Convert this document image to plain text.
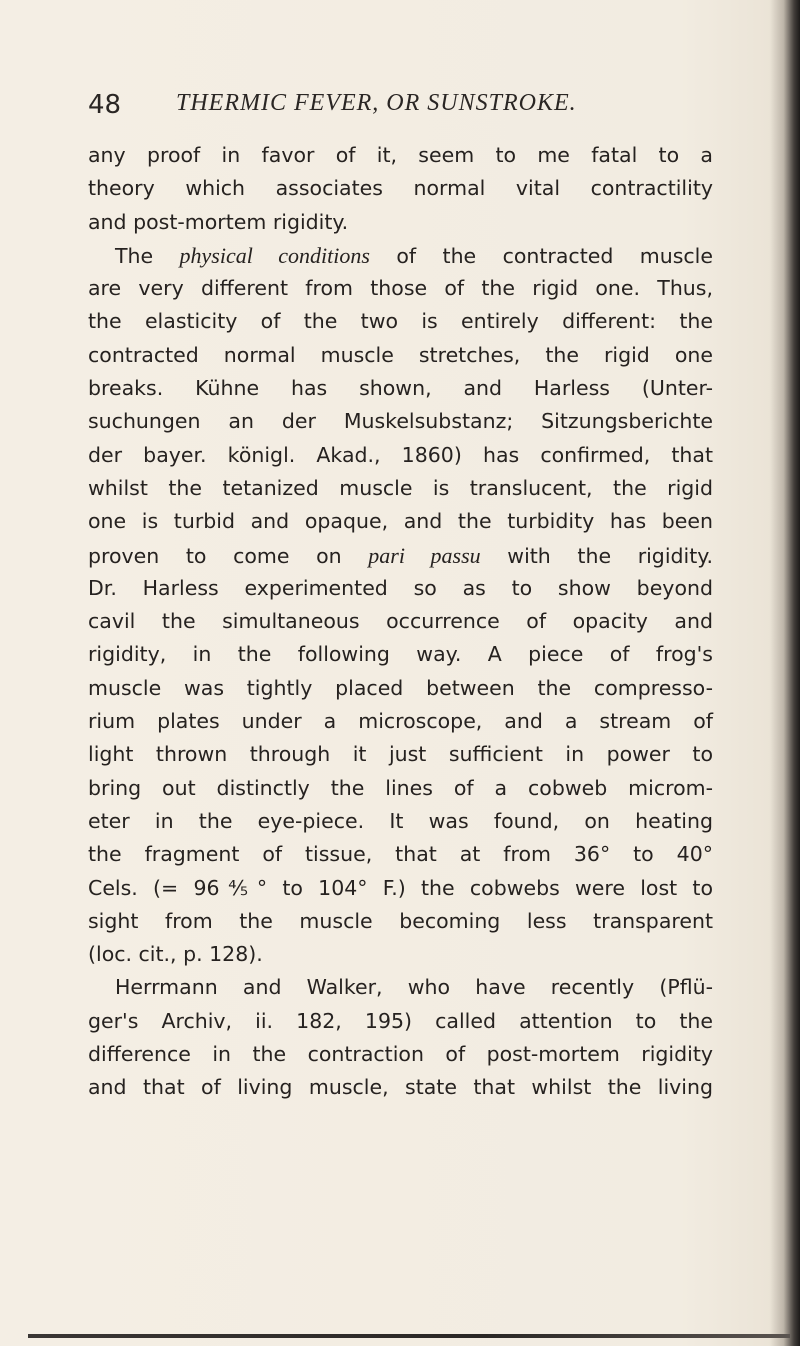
48 THERMIC FEVER, OR SUNSTROKE.
any proof in favor of it, seem to me fatal to a
theory which associates normal vital contractility
and post-mortem rigidity.
The physical conditions of the contracted muscle
are very different from those of the rigid one. Thus,
the elasticity of the two is entirely different: the
contracted normal muscle stretches, the rigid one
breaks. Kühne has shown, and Harless (Unter-
suchungen an der Muskelsubstanz; Sitzungsberichte
der bayer. königl. Akad., 1860) has confirmed, that
whilst the tetanized muscle is translucent, the rigid
one is turbid and opaque, and the turbidity has been
proven to come on pari passu with the rigidity.
Dr. Harless experimented so as to show beyond
cavil the simultaneous occurrence of opacity and
rigidity, in the following way. A piece of frog's
muscle was tightly placed between the compresso-
rium plates under a microscope, and a stream of
light thrown through it just sufficient in power to
bring out distinctly the lines of a cobweb microm-
eter in the eye-piece. It was found, on heating
the fragment of tissue, that at from 36° to 40°
Cels. (= 96⅘° to 104° F.) the cobwebs were lost to
sight from the muscle becoming less transparent
(loc. cit., p. 128).
Herrmann and Walker, who have recently (Pflü-
ger's Archiv, ii. 182, 195) called attention to the
difference in the contraction of post-mortem rigidity
and that of living muscle, state that whilst the living
